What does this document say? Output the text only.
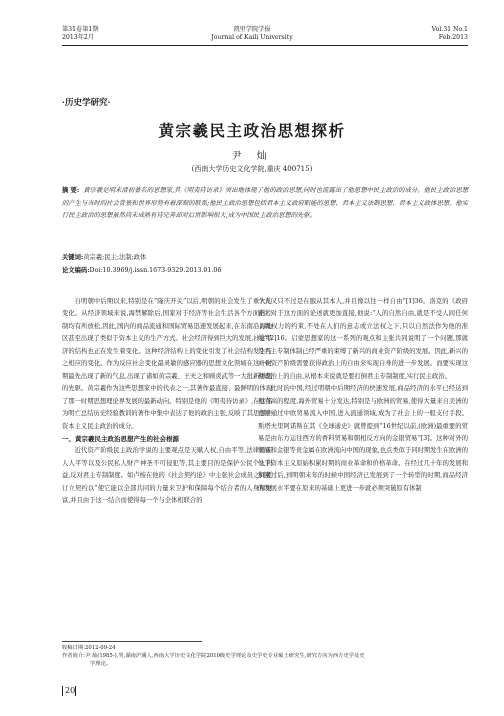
第31卷第1期
2013年2月
凯里学院学报
Journal of Kaili University
Vol.31 No.1
Feb.2013
·历史学研究·
黄宗羲民主政治思想探析
尹 灿
(西南大学历史文化学院,重庆 400715)
摘 要: 黄宗羲是明末清初著名的思想家,其《明夷待访录》突出地体现了他的政治思想,同时也流露出了他思想中民主政治的成分。他民主政治思想的产生与当时的社会背景和世界形势有着深刻的联系;他民主政治思想包括君本主义政府职能的思想、君本主义法制思想、君本主义政体思想。他实行民主政治的思想虽然尚未成熟有待完善却对后世影响很大,成为中国民主政治思想的先驱。
关键词:黄宗羲;民主;法制;政体
论文编码:Doi:10.3969/j.issn.1673-9329.2013.01.06

自明朝中后期以来,特别是在“隆庆开关”以后,明朝的社会发生了重大的变化。从经济领域来说,海禁解除后,国家对于经济等社会生活各个方面的控制均有所放松,因此,国内的商品流通和国际贸易迅速发展起来,在东南沿海地区甚至出现了类似于资本主义的生产方式。社会经济得到巨大的发展,社会经济的结构也正在发生着变化。这种经济结构上的变化引发了社会结构发生与之相应的变化。作为反应社会变化最灵敏的感应器的思想文化领域在这一时期最先出现了新的气息,出现了诸如黄宗羲、王夫之和顾炎武等一大批新思想的先驱。黄宗羲作为这些思想家中的代表之一,其著作最直接、最鲜明的体现了那一时期思想理论界发展的最新动向。特别是他的《明夷待访录》,在这部为明亡总结历史经验教训的著作中集中表达了他的政治主张,反映了其思想中资本主义民主政治的成分。

一、黄宗羲民主政治思想产生的社会根源

近代资产阶级民主政治学说的主要观点是天赋人权,自由平等,法律面前人人平等以及公民私人财产神圣不可侵犯等,其主要目的是保护公民个人利益,反对君主专制制度。如卢梭在他的《社会契约论》中主张社会成员之间要订立契约以“使它能以全部共同的力量来卫护和保障每个结合者的人身和财富,并且由于这一结合而使得每一个与全体相联合的

个人又只不过是在服从其本人,并且像以往一样自由”[1]36。洛克的《政府论》对于这方面的论述就更加直接,他说:“人的自然自由,就是不受人间任何上级权力的约束,不处在人们的意志或立法权之下,只以自然法作为他的准绳”[2]16。启蒙思想家的这一系列的观点和主张共同说明了一个问题,那就是君主专制体制已经严重的束缚了新兴的商业资产阶级的发展。因此,新兴的商业资产阶级需要获得政治上的自由来实现自身的进一步发展。而要实现这种政治上的自由,从根本来说就是要打倒君主专制制度,实行民主政治。

此时的中国,经过明朝中后期经济的快速发展,商品经济的水平已经达到相当高的程度,海外贸易十分发达,特别是与欧洲的贸易,使得大量来自美洲的白银通过中欧贸易流入中国,进入流通领域,成为了社会上的一般支付手段。斯塔夫里阿诺斯在其《全球通史》就曾提到“16世纪以前,(欧洲)最重要的贸易是由东方运往西方的香料贸易和朝相反方向的金银贸易”[3]。这种对外的贸易和金银等贵金属在欧洲流向中国的现象,也点类似于同时期发生在欧洲的处于资本主义原始积累时期的商业革命和价格革命。在经过几十年的发展和积累过后,到明朝末年的时候中国经济已发展到了一个转型的时期,商品经济的发展水平要在原来的基础上更进一步就必须突破原有体制

收稿日期:2012-09-24
作者简介:尹 灿(1985-),男,湖南沪溪人,西南大学历史文化学院2010级史学理论及史学史专业硕士研究生,研究方向为西方史学及史
学理论。
20
